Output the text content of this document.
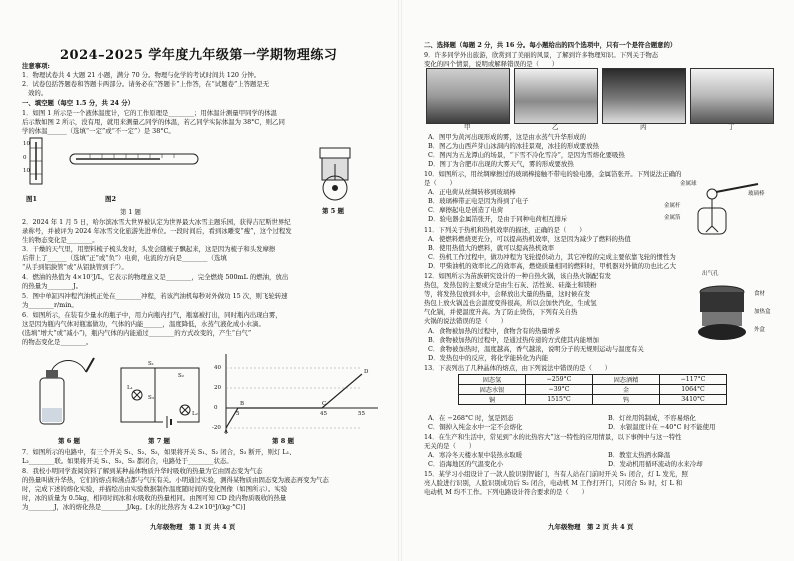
2024–2025 学年度九年级第一学期物理练习
注意事项:
1．物理试卷共 4 大题 21 小题，满分 70 分。物理与化学的考试时间共 120 分钟。
2．试卷包括答题卷和答题卡两部分。请务必在“答题卡”上作答，在“试题卷”上答题是无
效的。
一、填空题（每空 1.5 分，共 24 分）
1．如图 1 所示是一个液体温度计，它的工作原理是________；用体温计测量甲同学的体温
后示数如图 2 所示，没有甩，就用来测量乙同学的体温，若乙同学实际体温为 38°C，则乙同
学的体温______（选填“一定”或“不一定”）是 38°C。
10
0
10
图1	图2
第 1 题	第 5 题
2．2024 年 1 月 5 日，哈尔滨冰雪大世界被认定为世界最大冰雪主题乐园，获得吉尼斯世界纪
录称号，并被评为 2024 年冰雪文化旅游先进单位。一段时间后，看到冰雕变“瘦”，这个过程发
生的物态变化是________。
3．干燥的天气里，用塑料梳子梳头发时，头发会随梳子飘起来，这是因为梳子和头发摩擦
后带上了______（选填“正”或“负”）电荷，电流的方向是________（选填
“从手到铝鈌管”或“从铝鈌管到手”）。
4．燃油的热值为 4×10⁷J/L，它表示的物理意义是________，完全燃烧 500mL 的燃油，放出
的热量为________J。
5．图中单缸四冲程汽油机正处在________冲程，若该汽油机每秒对外做功 15 次，则飞轮转速
为________r/min。
6．如图所示，在装有少量水的瓶子中，用力向瓶内打气，瓶塞被打出，同时瓶内出现白雾，
这是因为瓶内气体对瓶塞做功，气体的内能______，温度降低，水蒸气液化成小水滴。
(选填“增大”或“减小”)，瓶内气体的内能通过________的方式改变的，产生“白气”
的物态变化是________。
第 6 题
S₁
S₂
S₃
L₁
L₂
第 7 题
40
20
0
-20
5	45	55
A
B	C
D
第 8 题
7．如图所示的电路中，有三个开关 S₁、S₂、S₃，如果将开关 S₁、S₂ 闭合，S₃ 断开，则灯 L₁、
L₂________联。如果将开关 S₁、S₂、S₃ 都闭合，电路处于________状态。
8．我校小明同学查阅资料了解到某种晶体物质升华时吸收的热量为它由固态变为气态
的热量叫做升华热，它们的熔点和沸点都与气压有关。小明通过实验，测得某物质由固态变为液态再变为气态
时，完成下述的熔化实验，并描绘出由实验数据制作温度随时间的变化图像（如图所示）。实验
时，冰的质量为 0.5kg，相同时间冰和水吸收的热量相同。由图可知 CD 段内物质吸收的热量
为________J，冰的熔化热是________J/kg。[水的比热容为 4.2×10³J/(kg·°C)]
九年级物理　第 1 页 共 4 页
二、选择题（每题 2 分，共 16 分。每小题给出的四个选项中，只有一个是符合题意的）
9．许多同学外出旅游，欣赏到了美丽的风景，了解到许多物理知识。下列关于物态
变化的四个情景，说明或解释错误的是（　　）
甲	乙	丙	丁
A．图甲为黄河出现形成的雾，这是由水蒸气升华形成的
B．图乙为山西芦芽山冰洞内的冰挂景观，冰挂的形成要放热
C．图丙为五龙潭山的场景，“下雪不冷化雪冷”，是因为雪熔化要吸热
D．图丁为合肥市出现的大雾天气，雾的形成要放热
10．如图所示，用丝绸摩擦过的玻璃棒接触不带电的验电器，金属箔张开。下列说法正确的
是（　　）
A．正电荷从丝绸转移到玻璃棒
B．玻璃棒带正电是因为得到了电子
C．摩擦起电是创造了电荷
D．验电器金属箔张开，是由于同种电荷相互排斥
金属球
金属杆
金属箔
玻璃棒
11．下列关于热机和热机效率的描述，正确的是（　　）
A．使燃料燃烧更充分，可以提高热机效率，这是因为减少了燃料的热值
B．使用热值大的燃料，就可以提高热机效率
C．热机工作过程中，做功冲程为飞轮提供动力，其它冲程的完成主要依靠飞轮的惯性为
D．甲柴油机的效率比乙的效率高，燃烧质量相同的燃料时，甲机器对外做的功也比乙大
12．如图所示为苗族研究设计的一种自热火锅，该自热火锅配有发
热包，发热包的主要成分是由生石灰、活性炭、硅藻土和镁粉
等，将发热包放到水中，会释放出大量的热量，这时候在发
热包上放火锅盖也会温度变得很高，所以会加快汽化，生成氢
气化锅，并使温度升高。为了防止烫伤，下列有关自热
火锅的说法错误的是（　　）
出气孔
食材
加热盒
外盒
A．食物被加热的过程中，食物含有的热量增多
B．食物被加热的过程中，是通过热传递的方式使其内能增加
C．食物被加热时，温度越高，香气越浓，说明分子的无规则运动与温度有关
D．发热包中的反应，将化学能转化为内能
13．下表列出了几种晶体的熔点，由下列说法中错误的是（　　）
固态氢	−259°C	固态酒精	−117°C
固态水银	−39°C	金	1064°C
铜	1515°C	钨	3410°C
A．在 −268°C 时，氢是固态	B．灯丝用钨制成，不容易熔化
C．铜掉入纯金水中一定不会熔化	D．水银温度计在 −40°C 时不能使用
14．在生产和生活中，常见到“水的比热容大”这一特性的应用情景，以下事例中与这一特性
无关的是（　　）
A．寒冷冬天楼水泵中装热水取暖	B．教室太热洒水降温
C．沿海地区的气温变化小	D．发动机用循环流动的水来冷却
15．某学习小组设计了一款人脸识别智能门，当有人站在门前时开关 S₁ 闭合，灯 L 发光，照
亮人脸进行识别，人脸识别成功后 S₂ 闭合，电动机 M 工作打开门，只闭合 S₂ 时，灯 L 和
电动机 M 均不工作。下列电路设计符合要求的是（　　）
九年级物理　第 2 页 共 4 页
